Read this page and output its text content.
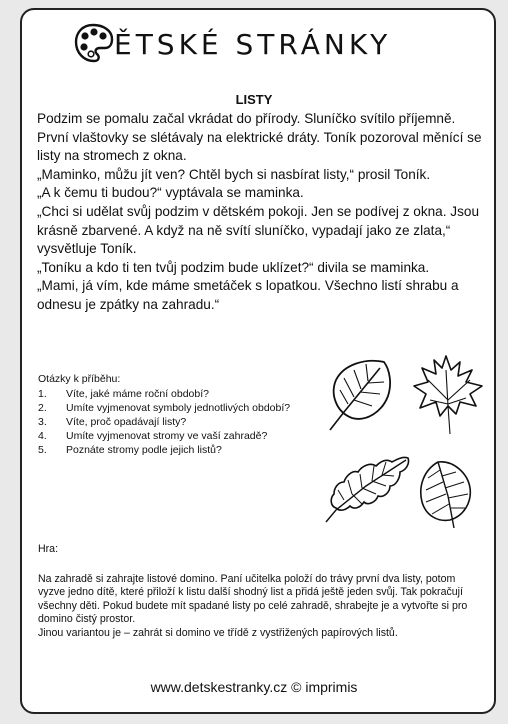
ĚTSKÉ STRÁNKY
LISTY

Podzim se pomalu začal vkrádat do přírody. Sluníčko svítilo příjemně. První vlaštovky se slétávaly na elektrické dráty. Toník pozoroval měnící se listy na stromech z okna.

„Maminko, můžu jít ven? Chtěl bych si nasbírat listy,“ prosil Toník.

„A k čemu ti budou?“ vyptávala se maminka.

„Chci si udělat svůj podzim v dětském pokoji. Jen se podívej z okna. Jsou krásně zbarvené. A když na ně svítí sluníčko, vypadají jako ze zlata,“ vysvětluje Toník.

„Toníku a kdo ti ten tvůj podzim bude uklízet?“ divila se maminka.

„Mami, já vím, kde máme smetáček s lopatkou. Všechno listí shrabu a odnesu je zpátky na zahradu.“

Otázky k příběhu:
1.	Víte, jaké máme roční období?
2.	Umíte vyjmenovat symboly jednotlivých období?
3.	Víte, proč opadávají listy?
4.	Umíte vyjmenovat stromy ve vaší zahradě?
5.	Poznáte stromy podle jejich listů?
Hra:

Na zahradě si zahrajte listové domino. Paní učitelka položí do trávy první dva listy, potom vyzve jedno dítě, které přiloží k listu další shodný list a přidá ještě jeden svůj. Tak pokračují všechny děti. Pokud budete mít spadané listy po celé zahradě, shrabejte je a vytvořte si pro domino čistý prostor.

Jinou variantou je – zahrát si domino ve třídě z vystřižených papírových listů.

www.detskestranky.cz © imprimis
